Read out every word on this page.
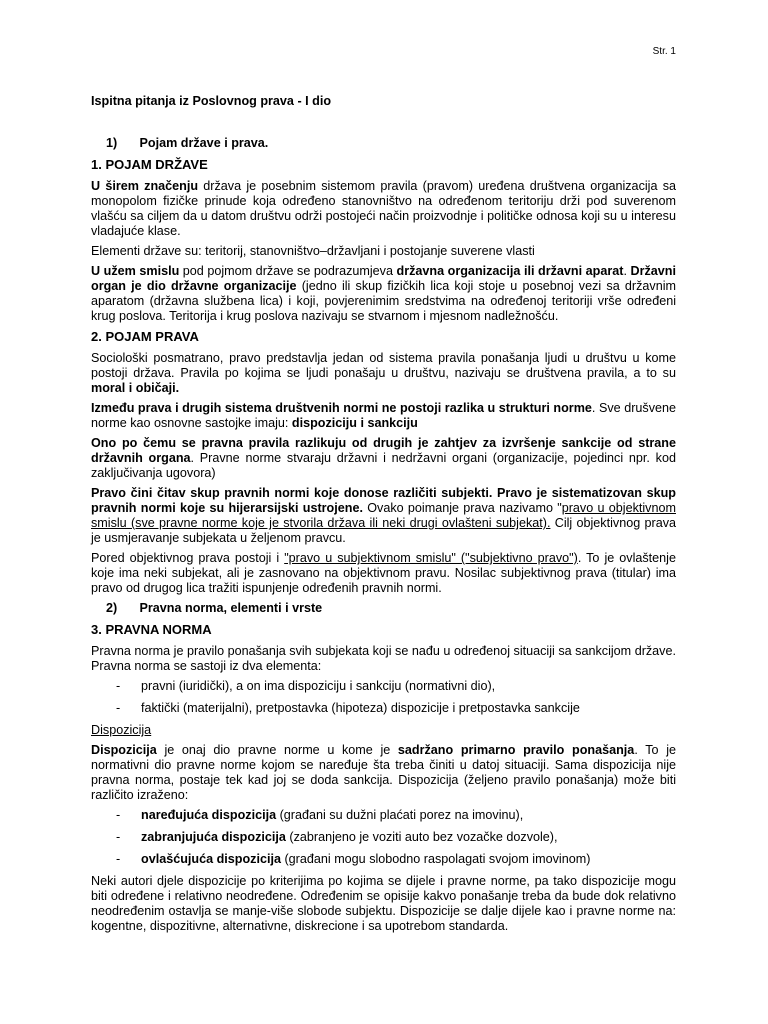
Str. 1
Ispitna pitanja iz Poslovnog prava - I dio
1) Pojam države i prava.
1. POJAM DRŽAVE

U širem značenju država je posebnim sistemom pravila (pravom) uređena društvena organizacija sa monopolom fizičke prinude koja određeno stanovništvo na određenom teritoriju drži pod suverenom vlašću sa ciljem da u datom društvu održi postojeći način proizvodnje i političke odnosa koji su u interesu vladajuće klase.

Elementi države su: teritorij, stanovništvo–državljani i postojanje suverene vlasti

U užem smislu pod pojmom države se podrazumjeva državna organizacija ili državni aparat. Državni organ je dio državne organizacije (jedno ili skup fizičkih lica koji stoje u posebnoj vezi sa državnim aparatom (državna službena lica) i koji, povjerenimim sredstvima na određenoj teritoriji vrše određeni krug poslova. Teritorija i krug poslova nazivaju se stvarnom i mjesnom nadležnošću.

2. POJAM PRAVA

Sociološki posmatrano, pravo predstavlja jedan od sistema pravila ponašanja ljudi u društvu u kome postoji država. Pravila po kojima se ljudi ponašaju u društvu, nazivaju se društvena pravila, a to su moral i običaji.

Između prava i drugih sistema društvenih normi ne postoji razlika u strukturi norme. Sve drušvene norme kao osnovne sastojke imaju: dispoziciju i sankciju

Ono po čemu se pravna pravila razlikuju od drugih je zahtjev za izvršenje sankcije od strane državnih organa. Pravne norme stvaraju državni i nedržavni organi (organizacije, pojedinci npr. kod zaključivanja ugovora)

Pravo čini čitav skup pravnih normi koje donose različiti subjekti. Pravo je sistematizovan skup pravnih normi koje su hijerarsijski ustrojene. Ovako poimanje prava nazivamo "pravo u objektivnom smislu (sve pravne norme koje je stvorila država ili neki drugi ovlašteni subjekat). Cilj objektivnog prava je usmjeravanje subjekata u željenom pravcu.

Pored objektivnog prava postoji i "pravo u subjektivnom smislu" ("subjektivno pravo"). To je ovlaštenje koje ima neki subjekat, ali je zasnovano na objektivnom pravu. Nosilac subjektivnog prava (titular) ima pravo od drugog lica tražiti ispunjenje određenih pravnih normi.

2) Pravna norma, elementi i vrste
3. PRAVNA NORMA

Pravna norma je pravilo ponašanja svih subjekata koji se nađu u određenoj situaciji sa sankcijom države. Pravna norma se sastoji iz dva elementa:

- pravni (iuridički), a on ima dispoziciju i sankciju (normativni dio),
- faktički (materijalni), pretpostavka (hipoteza) dispozicije i pretpostavka sankcije

Dispozicija

Dispozicija je onaj dio pravne norme u kome je sadržano primarno pravilo ponašanja. To je normativni dio pravne norme kojom se naređuje šta treba činiti u datoj situaciji. Sama dispozicija nije pravna norma, postaje tek kad joj se doda sankcija. Dispozicija (željeno pravilo ponašanja) može biti različito izraženo:

- naređujuća dispozicija (građani su dužni plaćati porez na imovinu),
- zabranjujuća dispozicija (zabranjeno je voziti auto bez vozačke dozvole),
- ovlašćujuća dispozicija (građani mogu slobodno raspolagati svojom imovinom)

Neki autori djele dispozicije po kriterijima po kojima se dijele i pravne norme, pa tako dispozicije mogu biti određene i relativno neodređene. Određenim se opisije kakvo ponašanje treba da bude dok relativno neodređenim ostavlja se manje-više slobode subjektu. Dispozicije se dalje dijele kao i pravne norme na: kogentne, dispozitivne, alternativne, diskrecione i sa upotrebom standarda.
